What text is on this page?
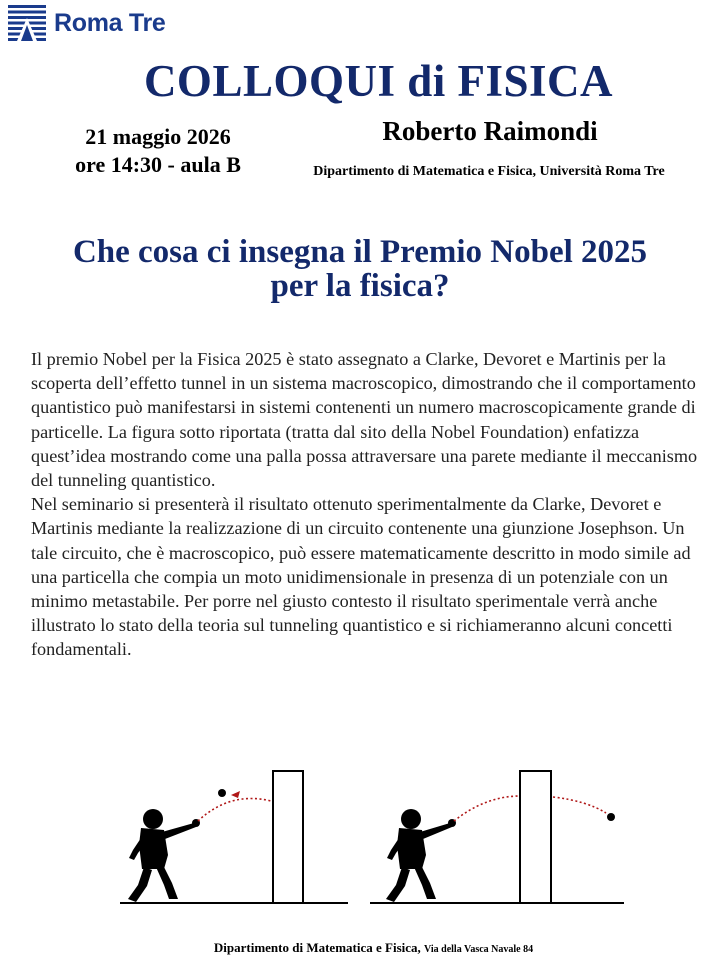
Roma Tre
COLLOQUI di FISICA
21 maggio 2026
ore 14:30 - aula B
Roberto Raimondi
Dipartimento di Matematica e Fisica, Università Roma Tre
Che cosa ci insegna il Premio Nobel 2025
per la fisica?

Il premio Nobel per la Fisica 2025 è stato assegnato a Clarke, Devoret e Martinis per la scoperta dell’effetto tunnel in un sistema macroscopico, dimostrando che il comportamento quantistico può manifestarsi in sistemi contenenti un numero macroscopicamente grande di particelle. La figura sotto riportata (tratta dal sito della Nobel Foundation) enfatizza quest’idea mostrando come una palla possa attraversare una parete mediante il meccanismo del tunneling quantistico.

Nel seminario si presenterà il risultato ottenuto sperimentalmente da Clarke, Devoret e Martinis mediante la realizzazione di un circuito contenente una giunzione Josephson. Un tale circuito, che è macroscopico, può essere matematicamente descritto in modo simile ad una particella che compia un moto unidimensionale in presenza di un potenziale con un minimo metastabile. Per porre nel giusto contesto il risultato sperimentale verrà anche illustrato lo stato della teoria sul tunneling quantistico e si richiameranno alcuni concetti fondamentali.

Dipartimento di Matematica e Fisica, Via della Vasca Navale 84
